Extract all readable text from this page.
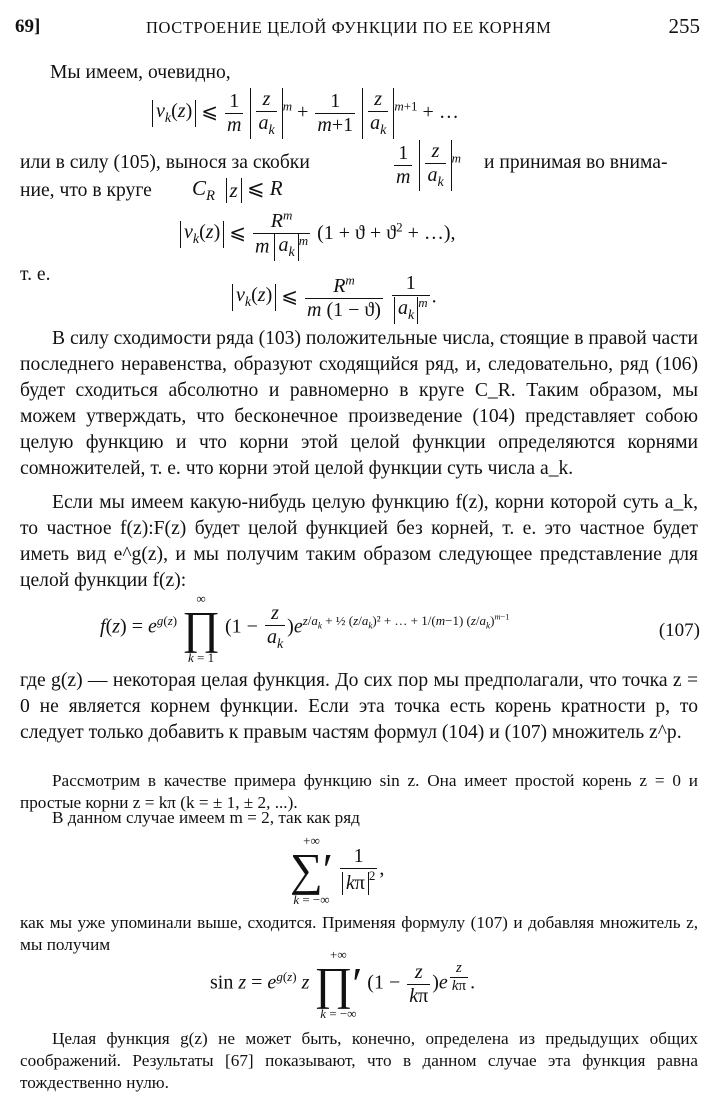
69]	ПОСТРОЕНИЕ ЦЕЛОЙ ФУНКЦИИ ПО ЕЕ КОРНЯМ	255
Мы имеем, очевидно,
$v_k(z)$ ⩽ $\frac{1}{m}$
$\frac{z}{a_k} ^m + \frac{1}{m+1}$
$\frac{z}{a_k} ^{m+1}$ + …
или в силу (105), вынося за скобки	$\frac{1}{m}$
$\frac{z}{a_k} ^m$ и принимая во внима-
ние, что в круге $C_R$ z ⩽ R
$v_k(z)$ ⩽ $\frac{R^m}{m a_k^m} (1 + ϑ + ϑ^2$ + …),
т. е.
$v_k(z)$ ⩽ $\frac{R^m}{m (1 - ϑ)}$
$\frac{1}{a_k^m}$ .
В силу сходимости ряда (103) положительные числа, стоящие в правой части последнего неравенства, образуют сходящийся ряд, и, следовательно, ряд (106) будет сходиться абсолютно и равномерно в круге C_R. Таким образом, мы можем утверждать, что бесконечное произведение (104) представляет собою целую функцию и что корни этой целой функции определяются корнями сомножителей, т. е. что корни этой целой функции суть числа a_k.
Если мы имеем какую-нибудь целую функцию f(z), корни которой суть a_k, то частное f(z):F(z) будет целой функцией без корней, т. е. это частное будет иметь вид e^g(z), и мы получим таким образом следующее представление для целой функции f(z):
$f(z) = e^{g(z)}$
∞
∏
k = 1
$(1 - \frac{z}{a_k} )e^{z/a_k + \frac{1}{2} (z/a_k)^2 + \dots + 1/(m-1) (z/a_k)^{m-1}}$
(107)
где g(z) — некоторая целая функция. До сих пор мы предполагали, что точка z = 0 не является корнем функции. Если эта точка есть корень кратности p, то следует только добавить к правым частям формул (104) и (107) множитель z^p.
Рассмотрим в качестве примера функцию sin z. Она имеет простой корень z = 0 и простые корни z = kπ (k = ± 1, ± 2, ...).
В данном случае имеем m = 2, так как ряд
+∞
∑′
k = −∞

$\frac{1}{k\pi ^2}$ ,
как мы уже упоминали выше, сходится. Применяя формулу (107) и добавляя множитель z, мы получим
$\sin z = e^{g(z)}$ z
+∞
∏′
k = −∞
$(1 - \frac{z}{k\pi} )e$ $^{\frac{z}{k\pi}}$ .
Целая функция g(z) не может быть, конечно, определена из предыдущих общих соображений. Результаты [67] показывают, что в данном случае эта функция равна тождественно нулю.
